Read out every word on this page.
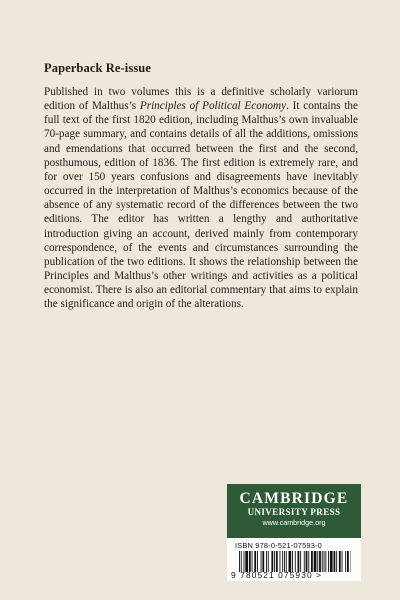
Paperback Re-issue

Published in two volumes this is a definitive scholarly variorum edition of Malthus’s Principles of Political Economy. It contains the full text of the first 1820 edition, including Malthus’s own invaluable 70-page summary, and contains details of all the additions, omissions and emendations that occurred between the first and the second, posthumous, edition of 1836. The first edition is extremely rare, and for over 150 years confusions and disagreements have inevitably occurred in the interpretation of Malthus’s economics because of the absence of any systematic record of the differences between the two editions. The editor has written a lengthy and authoritative introduction giving an account, derived mainly from contemporary correspondence, of the events and circumstances surrounding the publication of the two editions. It shows the relationship between the Principles and Malthus’s other writings and activities as a political economist. There is also an editorial commentary that aims to explain the significance and origin of the alterations.

CAMBRIDGE
UNIVERSITY PRESS
www.cambridge.org
ISBN 978-0-521-07593-0
9 780521 075930 >
